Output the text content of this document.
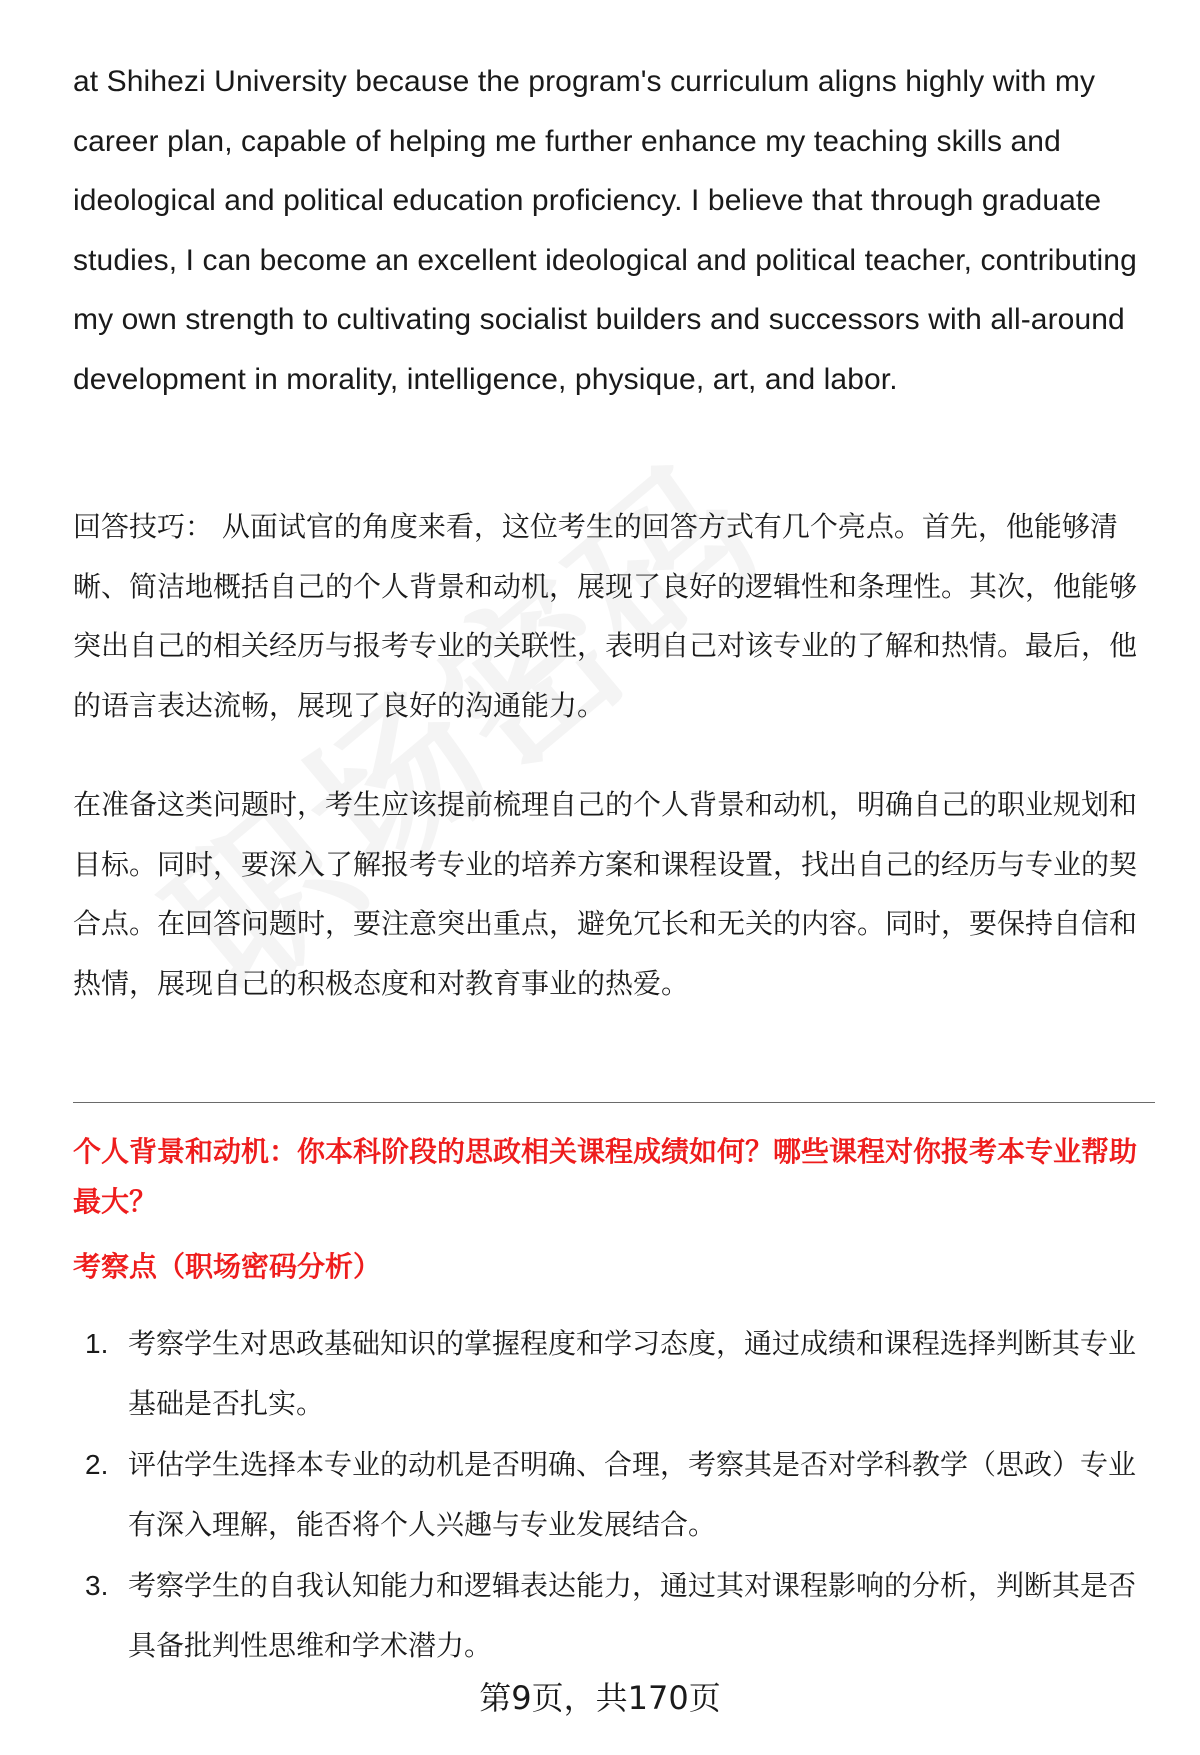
at Shihezi University because the program's curriculum aligns highly with my career plan, capable of helping me further enhance my teaching skills and ideological and political education proficiency. I believe that through graduate studies, I can become an excellent ideological and political teacher, contributing my own strength to cultivating socialist builders and successors with all-around development in morality, intelligence, physique, art, and labor.

回答技巧： 从面试官的角度来看，这位考生的回答方式有几个亮点。首先，他能够清晰、简洁地概括自己的个人背景和动机，展现了良好的逻辑性和条理性。其次，他能够突出自己的相关经历与报考专业的关联性，表明自己对该专业的了解和热情。最后，他的语言表达流畅，展现了良好的沟通能力。

在准备这类问题时，考生应该提前梳理自己的个人背景和动机，明确自己的职业规划和目标。同时，要深入了解报考专业的培养方案和课程设置，找出自己的经历与专业的契合点。在回答问题时，要注意突出重点，避免冗长和无关的内容。同时，要保持自信和热情，展现自己的积极态度和对教育事业的热爱。

个人背景和动机：你本科阶段的思政相关课程成绩如何？哪些课程对你报考本专业帮助最大？

考察点（职场密码分析）

1. 考察学生对思政基础知识的掌握程度和学习态度，通过成绩和课程选择判断其专业基础是否扎实。
2. 评估学生选择本专业的动机是否明确、合理，考察其是否对学科教学（思政）专业有深入理解，能否将个人兴趣与专业发展结合。
3. 考察学生的自我认知能力和逻辑表达能力，通过其对课程影响的分析，判断其是否具备批判性思维和学术潜力。
第9页，共170页
